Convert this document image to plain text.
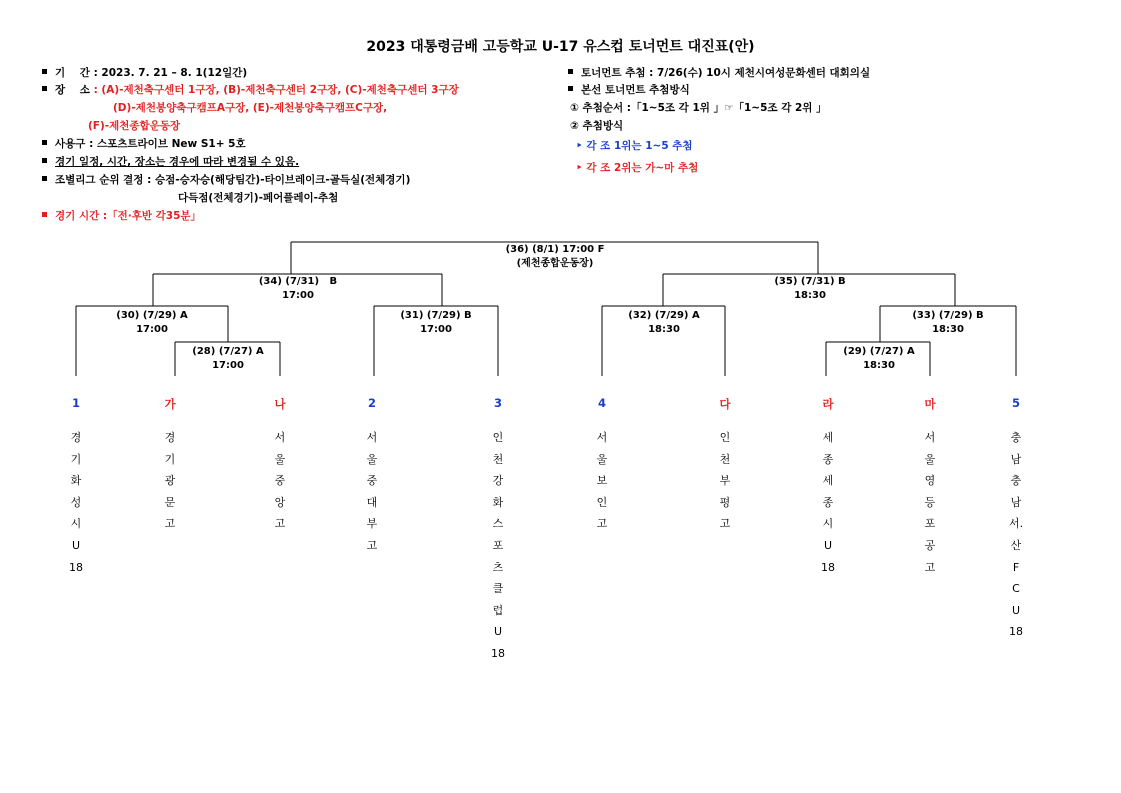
2023 대통령금배 고등학교 U-17 유스컵 토너먼트 대진표(안)
기    간 : 2023. 7. 21 – 8. 1(12일간)
장    소 : (A)-제천축구센터 1구장, (B)-제천축구센터 2구장, (C)-제천축구센터 3구장
(D)-제천봉양축구캠프A구장, (E)-제천봉양축구캠프C구장,
(F)-제천종합운동장
사용구 : 스포츠트라이브 New S1+ 5호
경기 일정, 시간, 장소는 경우에 따라 변경될 수 있음.
조별리그 순위 결정 : 승점-승자승(해당팀간)-타이브레이크-골득실(전체경기)
다득점(전체경기)-페어플레이-추첨
경기 시간 :「전·후반 각35분」
토너먼트 추첨 : 7/26(수) 10시 제천시여성문화센터 대회의실
본선 토너먼트 추첨방식
① 추첨순서 :「1~5조 각 1위 」☞「1~5조 각 2위 」
② 추첨방식
‣ 각 조 1위는 1~5 추첨
‣ 각 조 2위는 가~마 추첨
(36) (8/1) 17:00 F
(제천종합운동장)
(34) (7/31)   B
17:00
(35) (7/31) B
18:30
(30) (7/29) A
17:00
(31) (7/29) B
17:00
(32) (7/29) A
18:30
(33) (7/29) B
18:30
(28) (7/27) A
17:00
(29) (7/27) A
18:30
1
경
기
화
성
시
U
18
가
경
기
광
문
고
나
서
울
중
앙
고
2
서
울
중
대
부
고
3
인
천
강
화
스
포
츠
클
럽
U
18
4
서
울
보
인
고
다
인
천
부
평
고
라
세
종
세
종
시
U
18
마
서
울
영
등
포
공
고
5
충
남
충
남
서.
산
F
C
U
18
